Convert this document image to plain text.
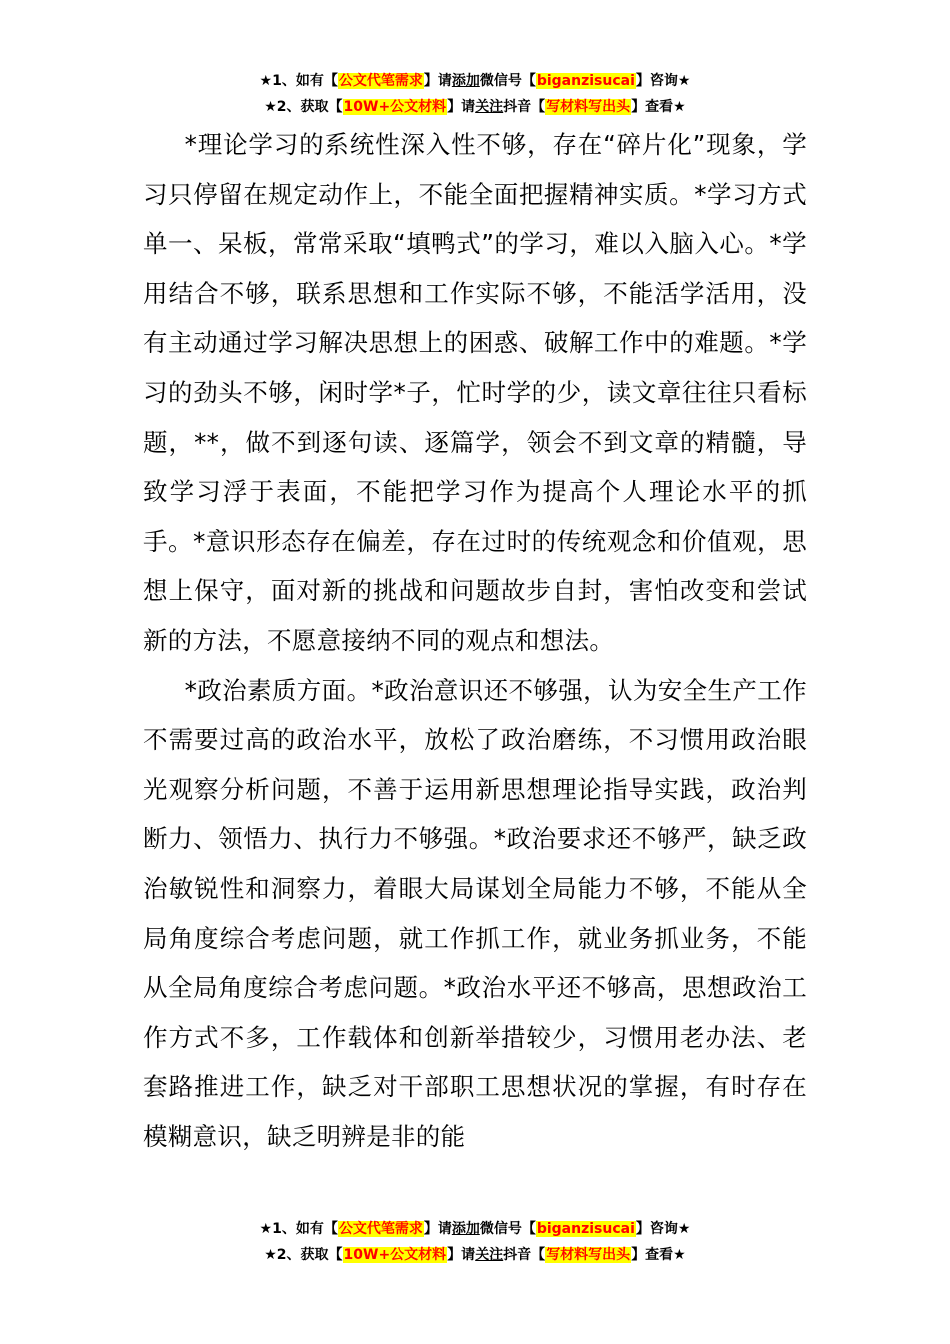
★1、如有【公文代笔需求】请添加微信号【biganzisucai】咨询★
★2、获取【10W+公文材料】请关注抖音【写材料写出头】查看★

*理论学习的系统性深入性不够，存在“碎片化”现象，学习只停留在规定动作上，不能全面把握精神实质。*学习方式单一、呆板，常常采取“填鸭式”的学习，难以入脑入心。*学用结合不够，联系思想和工作实际不够，不能活学活用，没有主动通过学习解决思想上的困惑、破解工作中的难题。*学习的劲头不够，闲时学*子，忙时学的少，读文章往往只看标题，**，做不到逐句读、逐篇学，领会不到文章的精髓，导致学习浮于表面，不能把学习作为提高个人理论水平的抓手。*意识形态存在偏差，存在过时的传统观念和价值观，思想上保守，面对新的挑战和问题故步自封，害怕改变和尝试新的方法，不愿意接纳不同的观点和想法。

*政治素质方面。*政治意识还不够强，认为安全生产工作不需要过高的政治水平，放松了政治磨练，不习惯用政治眼光观察分析问题，不善于运用新思想理论指导实践，政治判断力、领悟力、执行力不够强。*政治要求还不够严，缺乏政治敏锐性和洞察力，着眼大局谋划全局能力不够，不能从全局角度综合考虑问题，就工作抓工作，就业务抓业务，不能从全局角度综合考虑问题。*政治水平还不够高，思想政治工作方式不多，工作载体和创新举措较少，习惯用老办法、老套路推进工作，缺乏对干部职工思想状况的掌握，有时存在模糊意识，缺乏明辨是非的能

★1、如有【公文代笔需求】请添加微信号【biganzisucai】咨询★
★2、获取【10W+公文材料】请关注抖音【写材料写出头】查看★
